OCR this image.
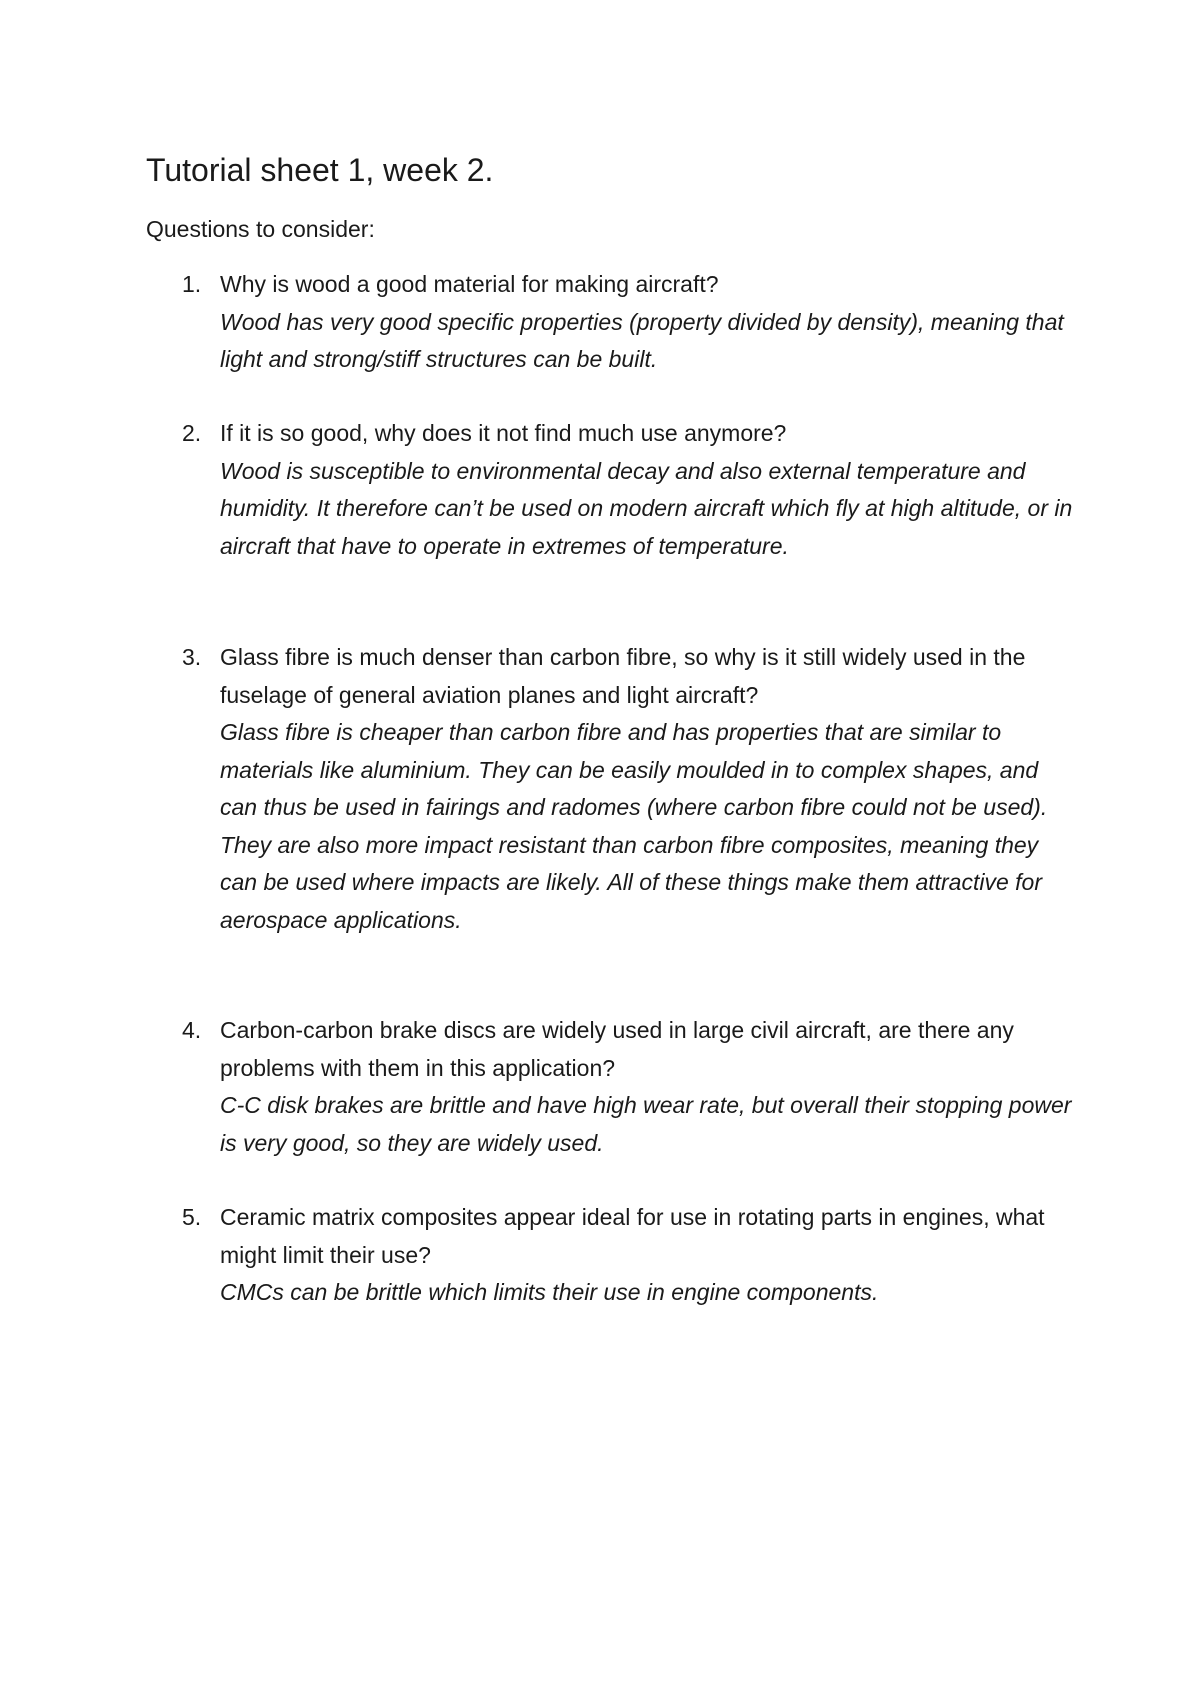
Tutorial sheet 1, week 2.
Questions to consider:
1. Why is wood a good material for making aircraft?

Wood has very good specific properties (property divided by density), meaning that light and strong/stiff structures can be built.

2. If it is so good, why does it not find much use anymore?

Wood is susceptible to environmental decay and also external temperature and humidity. It therefore can’t be used on modern aircraft which fly at high altitude, or in aircraft that have to operate in extremes of temperature.

3. Glass fibre is much denser than carbon fibre, so why is it still widely used in the fuselage of general aviation planes and light aircraft?

Glass fibre is cheaper than carbon fibre and has properties that are similar to materials like aluminium. They can be easily moulded in to complex shapes, and can thus be used in fairings and radomes (where carbon fibre could not be used). They are also more impact resistant than carbon fibre composites, meaning they can be used where impacts are likely. All of these things make them attractive for aerospace applications.

4. Carbon-carbon brake discs are widely used in large civil aircraft, are there any problems with them in this application?

C-C disk brakes are brittle and have high wear rate, but overall their stopping power is very good, so they are widely used.

5. Ceramic matrix composites appear ideal for use in rotating parts in engines, what might limit their use?

CMCs can be brittle which limits their use in engine components.
